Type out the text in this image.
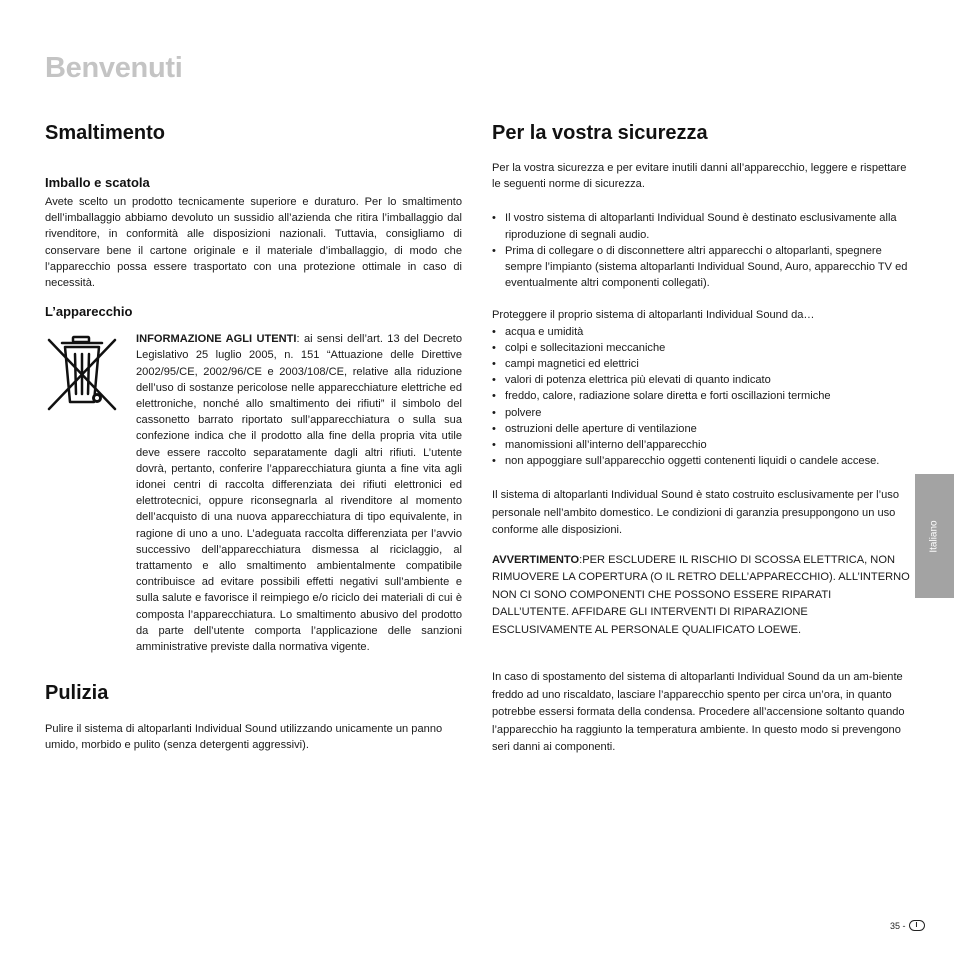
Benvenuti
Smaltimento
Imballo e scatola

Avete scelto un prodotto tecnicamente superiore e duraturo. Per lo smaltimento dell’imballaggio abbiamo devoluto un sussidio all’azienda che ritira l’imballaggio dal rivenditore, in conformità alle disposizioni nazionali. Tuttavia, consigliamo di conservare bene il cartone originale e il materiale d’imballaggio, di modo che l’apparecchio possa essere trasportato con una protezione ottimale in caso di necessità.

L’apparecchio

INFORMAZIONE AGLI UTENTI: ai sensi dell’art. 13 del Decreto Legislativo 25 luglio 2005, n. 151 “Attuazione delle Direttive 2002/95/CE, 2002/96/CE e 2003/108/CE, relative alla riduzione dell’uso di sostanze pericolose nelle apparecchiature elettriche ed elettroniche, nonché allo smaltimento dei rifiuti” il simbolo del cassonetto barrato riportato sull’apparecchiatura o sulla sua confezione indica che il prodotto alla fine della propria vita utile deve essere raccolto separatamente dagli altri rifiuti. L’utente dovrà, pertanto, conferire l’apparecchiatura giunta a fine vita agli idonei centri di raccolta differenziata dei rifiuti elettronici ed elettrotecnici, oppure riconsegnarla al rivenditore al momento dell’acquisto di una nuova apparecchiatura di tipo equivalente, in ragione di uno a uno. L’adeguata raccolta differenziata per l’avvio successivo dell’apparecchiatura dismessa al riciclaggio, al trattamento e allo smaltimento ambientalmente compatibile contribuisce ad evitare possibili effetti negativi sull’ambiente e sulla salute e favorisce il reimpiego e/o riciclo dei materiali di cui è composta l’apparecchiatura. Lo smaltimento abusivo del prodotto da parte dell’utente comporta l’applicazione delle sanzioni amministrative previste dalla normativa vigente.

Pulizia

Pulire il sistema di altoparlanti Individual Sound utilizzando unicamente un panno umido, morbido e pulito (senza detergenti aggressivi).

Per la vostra sicurezza

Per la vostra sicurezza e per evitare inutili danni all’apparecchio, leggere e rispettare le seguenti norme di sicurezza.

• Il vostro sistema di altoparlanti Individual Sound è destinato esclusivamente alla riproduzione di segnali audio.
• Prima di collegare o di disconnettere altri apparecchi o altoparlanti, spegnere sempre l’impianto (sistema altoparlanti Individual Sound, Auro, apparecchio TV ed eventualmente altri componenti collegati).

Proteggere il proprio sistema di altoparlanti Individual Sound da…

• acqua e umidità
• colpi e sollecitazioni meccaniche
• campi magnetici ed elettrici
• valori di potenza elettrica più elevati di quanto indicato
• freddo, calore, radiazione solare diretta e forti oscillazioni termiche
• polvere
• ostruzioni delle aperture di ventilazione
• manomissioni all’interno dell’apparecchio
• non appoggiare sull’apparecchio oggetti contenenti liquidi o candele accese.

Il sistema di altoparlanti Individual Sound è stato costruito esclusivamente per l’uso personale nell’ambito domestico. Le condizioni di garanzia presuppongono un uso conforme alle disposizioni.

AVVERTIMENTO:PER ESCLUDERE IL RISCHIO DI SCOSSA ELETTRICA, NON RIMUOVERE LA COPERTURA (O IL RETRO DELL’APPARECCHIO). ALL’INTERNO NON CI SONO COMPONENTI CHE POSSONO ESSERE RIPARATI DALL’UTENTE. AFFIDARE GLI INTERVENTI DI RIPARAZIONE ESCLUSIVAMENTE AL PERSONALE QUALIFICATO LOEWE.

In caso di spostamento del sistema di altoparlanti Individual Sound da un am-biente freddo ad uno riscaldato, lasciare l’apparecchio spento per circa un’ora, in quanto potrebbe essersi formata della condensa. Procedere all’accensione soltanto quando l’apparecchio ha raggiunto la temperatura ambiente. In questo modo si prevengono seri danni ai componenti.

Italiano
35 -	I
